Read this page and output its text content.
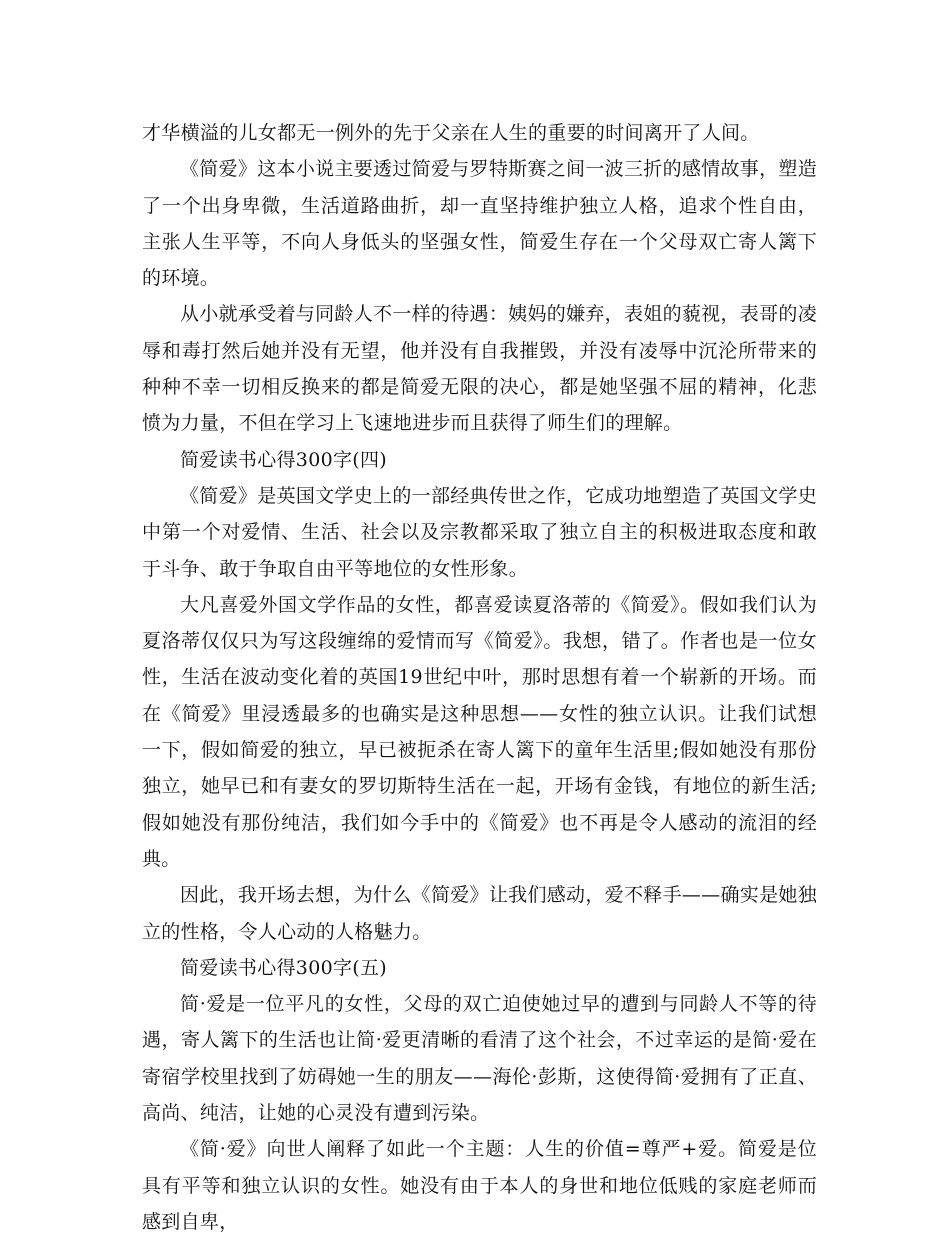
才华横溢的儿女都无一例外的先于父亲在人生的重要的时间离开了人间。

《简爱》这本小说主要透过简爱与罗特斯赛之间一波三折的感情故事，塑造了一个出身卑微，生活道路曲折，却一直坚持维护独立人格，追求个性自由，主张人生平等，不向人身低头的坚强女性，简爱生存在一个父母双亡寄人篱下的环境。

从小就承受着与同龄人不一样的待遇：姨妈的嫌弃，表姐的藐视，表哥的凌辱和毒打然后她并没有无望，他并没有自我摧毁，并没有凌辱中沉沦所带来的种种不幸一切相反换来的都是简爱无限的决心，都是她坚强不屈的精神，化悲愤为力量，不但在学习上飞速地进步而且获得了师生们的理解。

简爱读书心得300字(四)

《简爱》是英国文学史上的一部经典传世之作，它成功地塑造了英国文学史中第一个对爱情、生活、社会以及宗教都采取了独立自主的积极进取态度和敢于斗争、敢于争取自由平等地位的女性形象。

大凡喜爱外国文学作品的女性，都喜爱读夏洛蒂的《简爱》。假如我们认为夏洛蒂仅仅只为写这段缠绵的爱情而写《简爱》。我想，错了。作者也是一位女性，生活在波动变化着的英国19世纪中叶，那时思想有着一个崭新的开场。而在《简爱》里浸透最多的也确实是这种思想——女性的独立认识。让我们试想一下，假如简爱的独立，早已被扼杀在寄人篱下的童年生活里;假如她没有那份独立，她早已和有妻女的罗切斯特生活在一起，开场有金钱，有地位的新生活;假如她没有那份纯洁，我们如今手中的《简爱》也不再是令人感动的流泪的经典。

因此，我开场去想，为什么《简爱》让我们感动，爱不释手——确实是她独立的性格，令人心动的人格魅力。

简爱读书心得300字(五)

简·爱是一位平凡的女性，父母的双亡迫使她过早的遭到与同龄人不等的待遇，寄人篱下的生活也让简·爱更清晰的看清了这个社会，不过幸运的是简·爱在寄宿学校里找到了妨碍她一生的朋友——海伦·彭斯，这使得简·爱拥有了正直、高尚、纯洁，让她的心灵没有遭到污染。

《简·爱》向世人阐释了如此一个主题：人生的价值=尊严+爱。简爱是位具有平等和独立认识的女性。她没有由于本人的身世和地位低贱的家庭老师而感到自卑，
